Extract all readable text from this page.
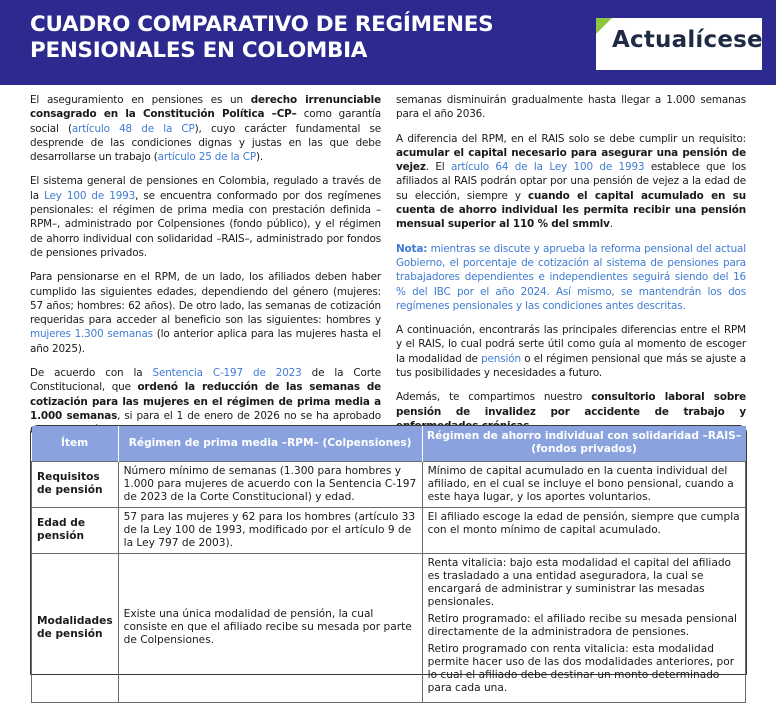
CUADRO COMPARATIVO DE REGÍMENES
PENSIONALES EN COLOMBIA	Actualícese

El aseguramiento en pensiones es un derecho irrenunciable consagrado en la Constitución Política –CP– como garantía social (artículo 48 de la CP), cuyo carácter fundamental se desprende de las condiciones dignas y justas en las que debe desarrollarse un trabajo (artículo 25 de la CP).

El sistema general de pensiones en Colombia, regulado a través de la Ley 100 de 1993, se encuentra conformado por dos regímenes pensionales: el régimen de prima media con prestación definida –RPM–, administrado por Colpensiones (fondo público), y el régimen de ahorro individual con solidaridad –RAIS–, administrado por fondos de pensiones privados.

Para pensionarse en el RPM, de un lado, los afiliados deben haber cumplido las siguientes edades, dependiendo del género (mujeres: 57 años; hombres: 62 años). De otro lado, las semanas de cotización requeridas para acceder al beneficio son las siguientes: hombres y mujeres 1.300 semanas (lo anterior aplica para las mujeres hasta el año 2025).

De acuerdo con la Sentencia C-197 de 2023 de la Corte Constitucional, que ordenó la reducción de las semanas de cotización para las mujeres en el régimen de prima media a 1.000 semanas, si para el 1 de enero de 2026 no se ha aprobado

semanas disminuirán gradualmente hasta llegar a 1.000 semanas para el año 2036.

A diferencia del RPM, en el RAIS solo se debe cumplir un requisito: acumular el capital necesario para asegurar una pensión de vejez. El artículo 64 de la Ley 100 de 1993 establece que los afiliados al RAIS podrán optar por una pensión de vejez a la edad de su elección, siempre y cuando el capital acumulado en su cuenta de ahorro individual les permita recibir una pensión mensual superior al 110 % del smmlv.

Nota: mientras se discute y aprueba la reforma pensional del actual Gobierno, el porcentaje de cotización al sistema de pensiones para trabajadores dependientes e independientes seguirá siendo del 16 % del IBC por el año 2024. Así mismo, se mantendrán los dos regímenes pensionales y las condiciones antes descritas.

A continuación, encontrarás las principales diferencias entre el RPM y el RAIS, lo cual podrá serte útil como guía al momento de escoger la modalidad de pensión o el régimen pensional que más se ajuste a tus posibilidades y necesidades a futuro.

Además, te compartimos nuestro consultorio laboral sobre pensión de invalidez por accidente de trabajo y

Ítem	Régimen de prima media –RPM– (Colpensiones)	Régimen de ahorro individual con solidaridad –RAIS– (fondos privados)
Requisitos de pensión	Número mínimo de semanas (1.300 para hombres y 1.000 para mujeres de acuerdo con la Sentencia C-197 de 2023 de la Corte Constitucional) y edad.	Mínimo de capital acumulado en la cuenta individual del afiliado, en el cual se incluye el bono pensional, cuando a este haya lugar, y los aportes voluntarios.
Edad de pensión	57 para las mujeres y 62 para los hombres (artículo 33 de la Ley 100 de 1993, modificado por el artículo 9 de la Ley 797 de 2003).	El afiliado escoge la edad de pensión, siempre que cumpla con el monto mínimo de capital acumulado.
Modalidades de pensión	Existe una única modalidad de pensión, la cual consiste en que el afiliado recibe su mesada por parte de Colpensiones.	Renta vitalicia: bajo esta modalidad el capital del afiliado es trasladado a una entidad aseguradora, la cual se encargará de administrar y suministrar las mesadas pensionales.
Retiro programado: el afiliado recibe su mesada pensional directamente de la administradora de pensiones.
Retiro programado con renta vitalicia: esta modalidad permite hacer uso de las dos modalidades anteriores, por lo cual el afiliado debe destinar un monto determinado para cada una.
